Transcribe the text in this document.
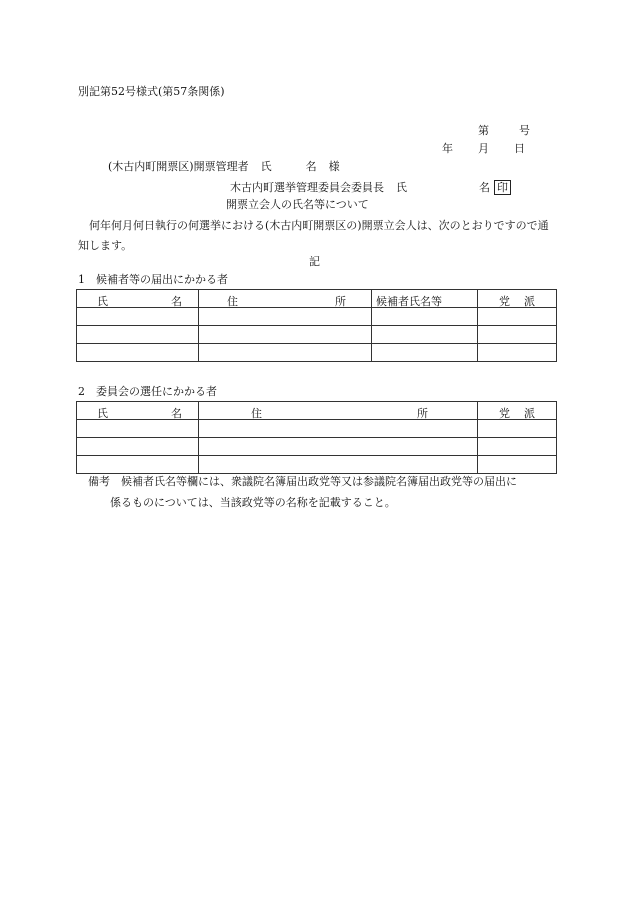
別記第52号様式(第57条関係)
第	号
年 月 日
(木古内町開票区)開票管理者 氏	名 様
木古内町選挙管理委員会委員長 氏	名 印
開票立会人の氏名等について
何年何月何日執行の何選挙における(木古内町開票区の)開票立会人は、次のとおりですので通知します。
記
1　候補者等の届出にかかる者
氏 名	住 所	候補者氏名等	党 派

2　委員会の選任にかかる者
氏 名	住 所	党 派

備考　候補者氏名等欄には、衆議院名簿届出政党等又は参議院名簿届出政党等の届出に
係るものについては、当該政党等の名称を記載すること。
